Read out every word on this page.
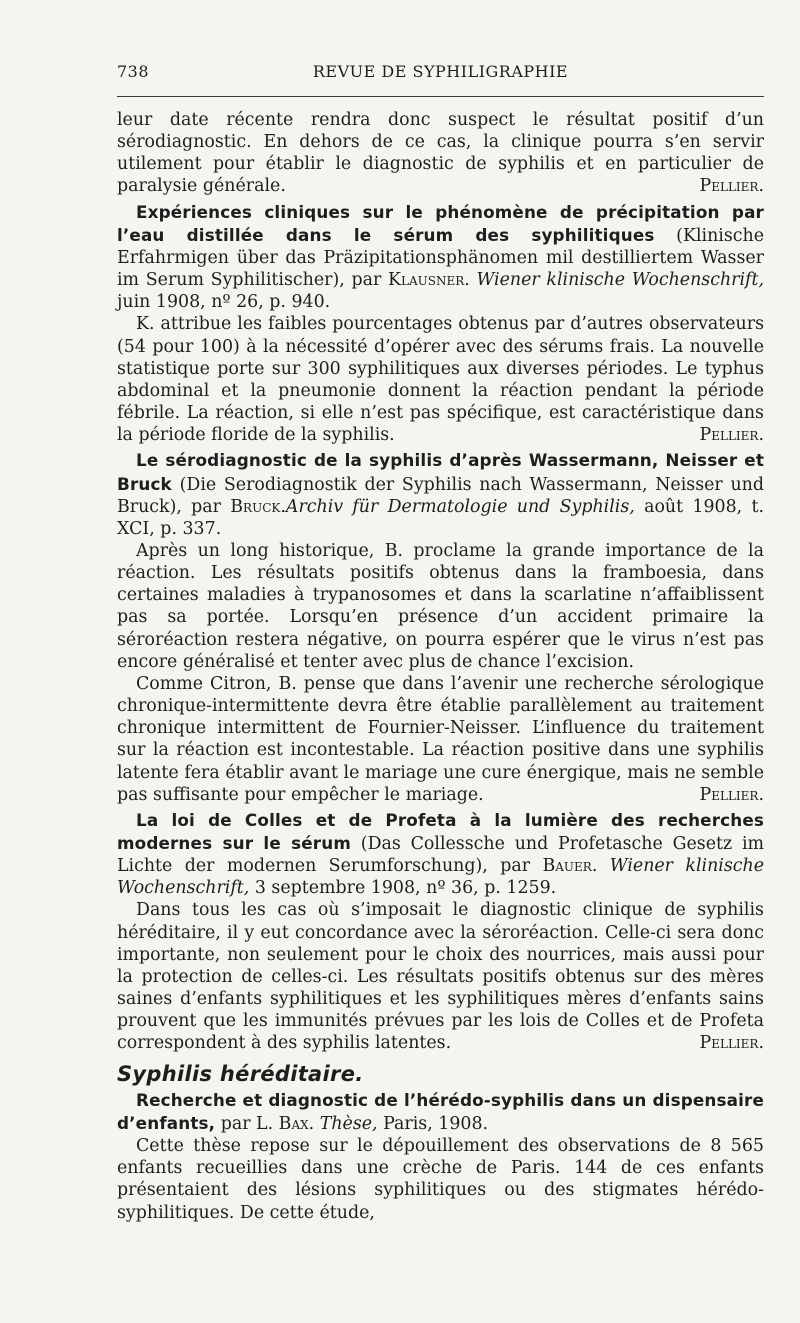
738	REVUE DE SYPHILIGRAPHIE

leur date récente rendra donc suspect le résultat positif d’un sérodiagnostic. En dehors de ce cas, la clinique pourra s’en servir utilement pour établir le diagnostic de syphilis et en particulier de paralysie générale.	Pellier.

Expériences cliniques sur le phénomène de précipitation par l’eau distillée dans le sérum des syphilitiques (Klinische Erfahrmigen über das Präzipitationsphänomen mil destilliertem Wasser im Serum Syphilitischer), par Klausner. Wiener klinische Wochenschrift, juin 1908, nº 26, p. 940.

K. attribue les faibles pourcentages obtenus par d’autres observateurs (54 pour 100) à la nécessité d’opérer avec des sérums frais. La nouvelle statistique porte sur 300 syphilitiques aux diverses périodes. Le typhus abdominal et la pneumonie donnent la réaction pendant la période fébrile. La réaction, si elle n’est pas spécifique, est caractéristique dans la période floride de la syphilis.	Pellier.

Le sérodiagnostic de la syphilis d’après Wassermann, Neisser et Bruck (Die Serodiagnostik der Syphilis nach Wassermann, Neisser und Bruck), par Bruck.Archiv für Dermatologie und Syphilis, août 1908, t. XCI, p. 337.

Après un long historique, B. proclame la grande importance de la réaction. Les résultats positifs obtenus dans la framboesia, dans certaines maladies à trypanosomes et dans la scarlatine n’affaiblissent pas sa portée. Lorsqu’en présence d’un accident primaire la séroréaction restera négative, on pourra espérer que le virus n’est pas encore généralisé et tenter avec plus de chance l’excision.

Comme Citron, B. pense que dans l’avenir une recherche sérologique chronique-intermittente devra être établie parallèlement au traitement chronique intermittent de Fournier-Neisser. L’influence du traitement sur la réaction est incontestable. La réaction positive dans une syphilis latente fera établir avant le mariage une cure énergique, mais ne semble pas suffisante pour empêcher le mariage.	Pellier.

La loi de Colles et de Profeta à la lumière des recherches modernes sur le sérum (Das Collessche und Profetasche Gesetz im Lichte der modernen Serumforschung), par Bauer. Wiener klinische Wochenschrift, 3 septembre 1908, nº 36, p. 1259.

Dans tous les cas où s’imposait le diagnostic clinique de syphilis héréditaire, il y eut concordance avec la séroréaction. Celle-ci sera donc importante, non seulement pour le choix des nourrices, mais aussi pour la protection de celles-ci. Les résultats positifs obtenus sur des mères saines d’enfants syphilitiques et les syphilitiques mères d’enfants sains prouvent que les immunités prévues par les lois de Colles et de Profeta correspondent à des syphilis latentes.	Pellier.

Syphilis héréditaire.

Recherche et diagnostic de l’hérédo-syphilis dans un dispensaire d’enfants, par L. Bax. Thèse, Paris, 1908.

Cette thèse repose sur le dépouillement des observations de 8 565 enfants recueillies dans une crèche de Paris. 144 de ces enfants présentaient des lésions syphilitiques ou des stigmates hérédo-syphilitiques. De cette étude,
